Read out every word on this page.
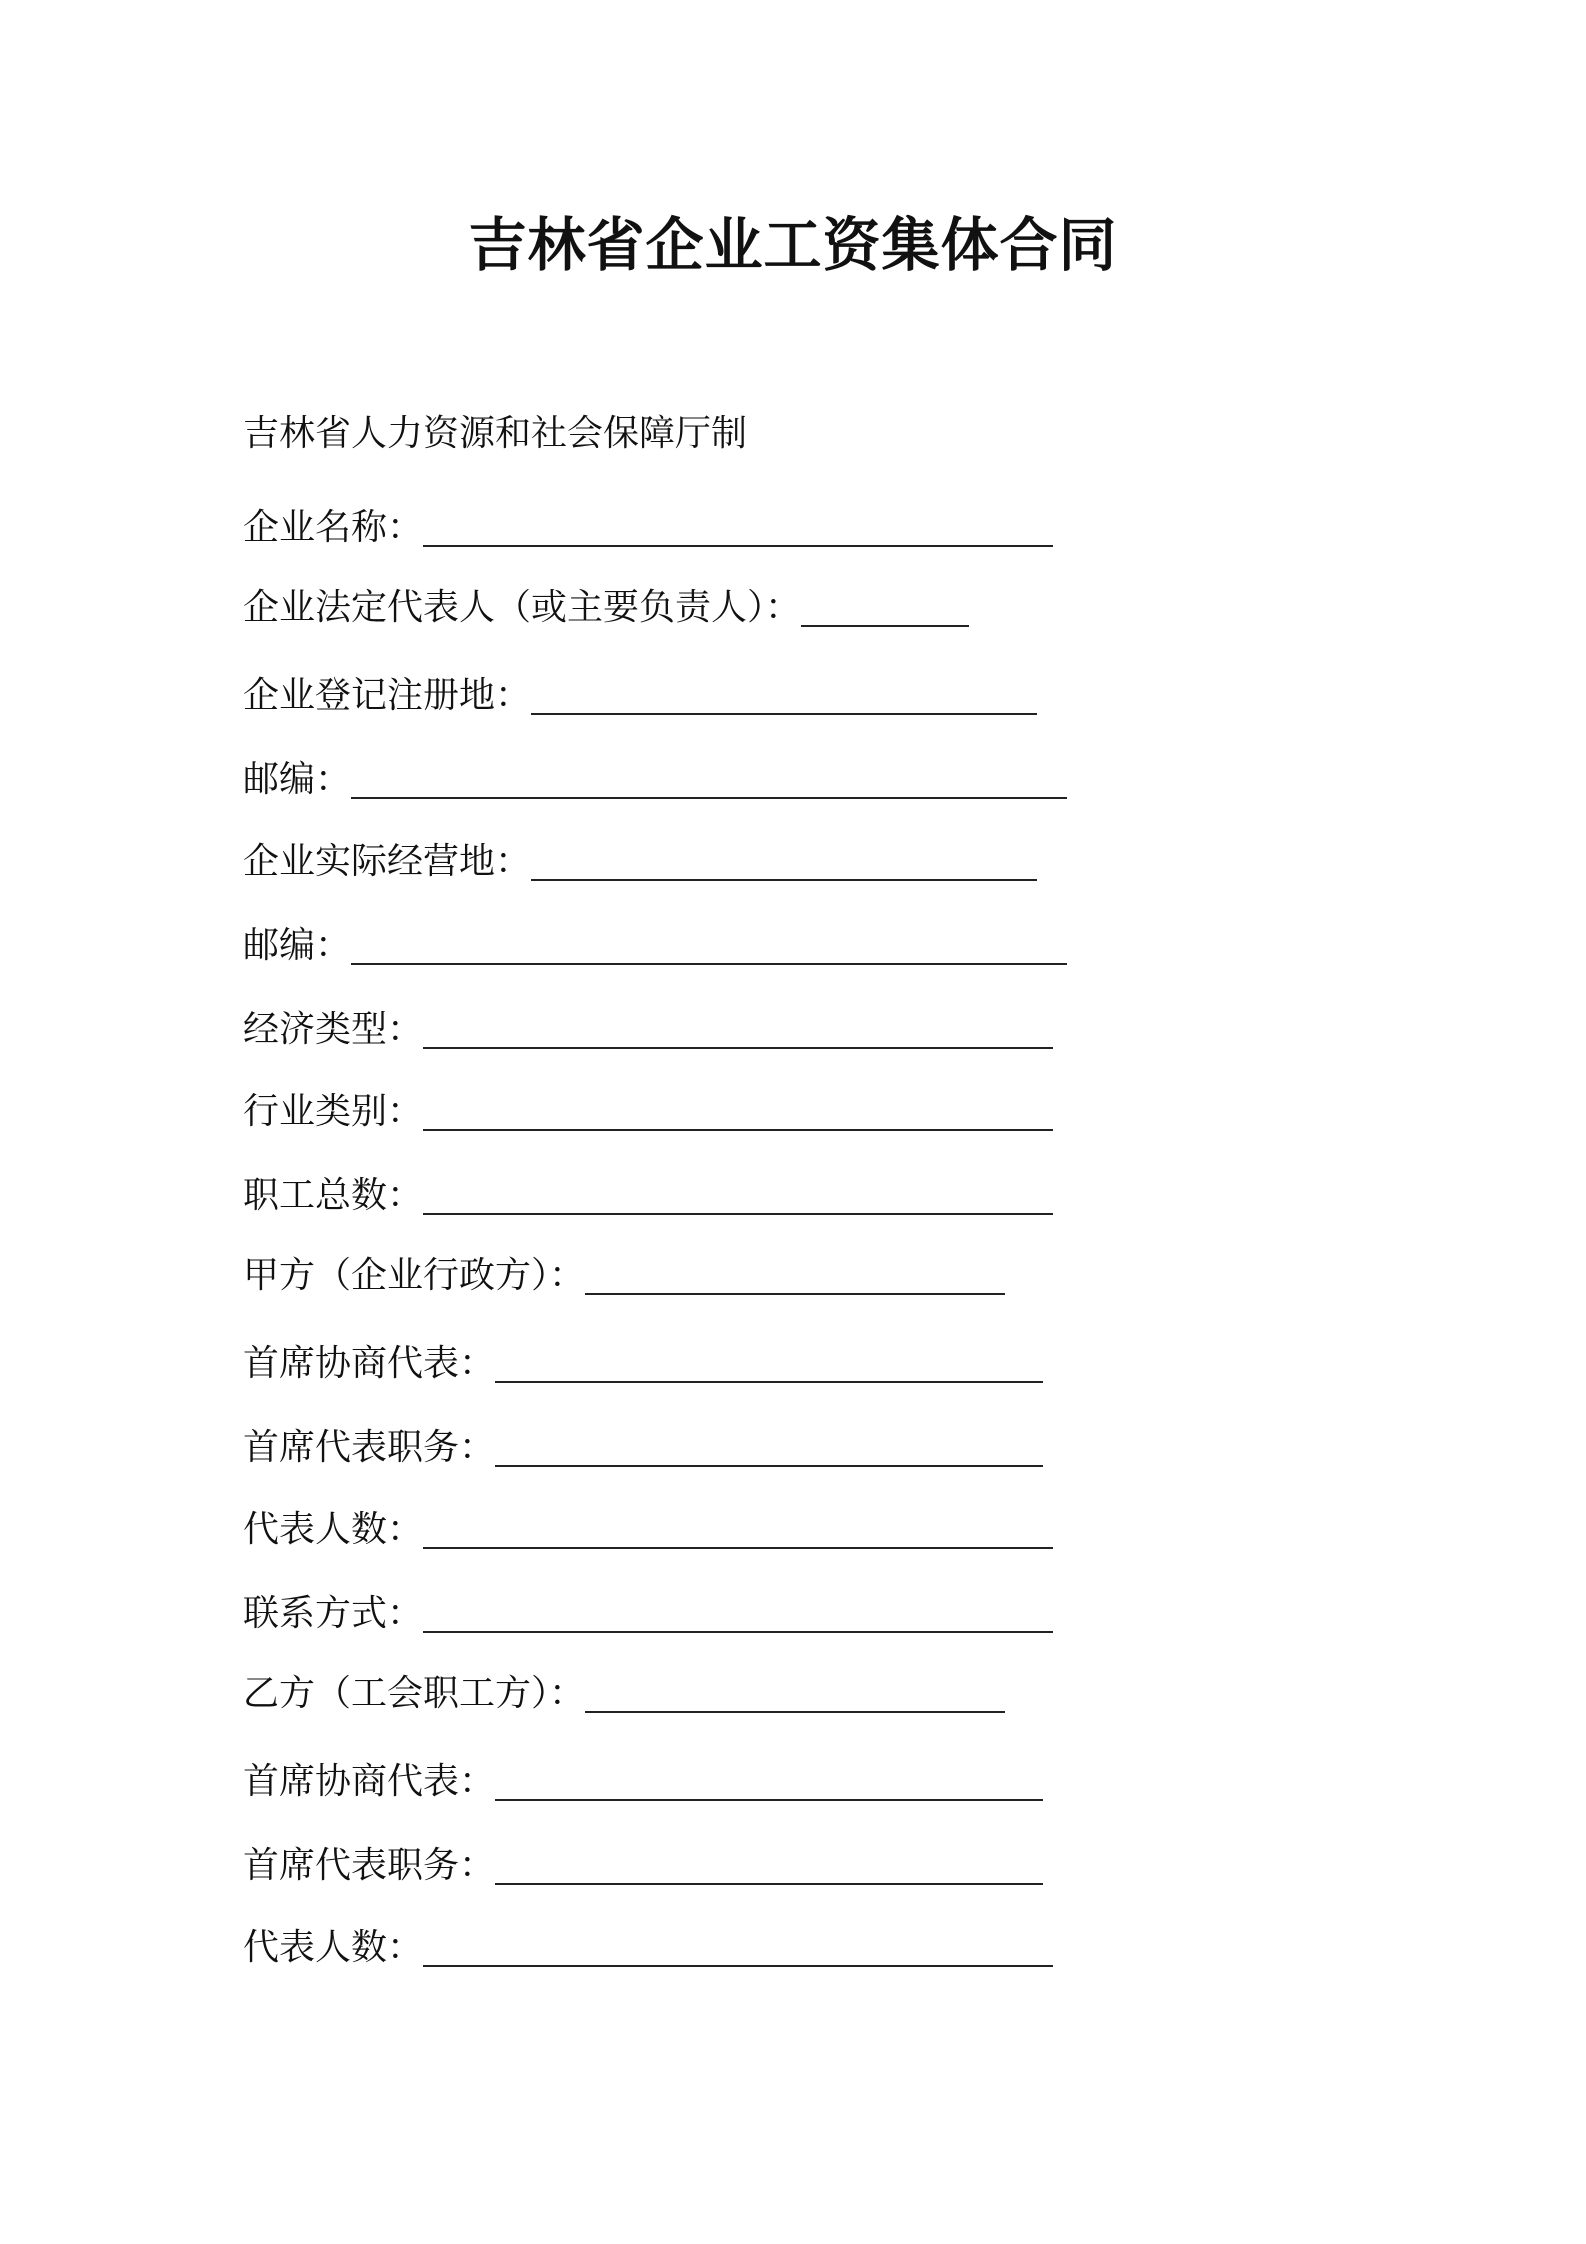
吉林省企业工资集体合同

吉林省人力资源和社会保障厅制

企业名称：
企业法定代表人（或主要负责人）：
企业登记注册地：
邮编：
企业实际经营地：
邮编：
经济类型：
行业类别：
职工总数：
甲方（企业行政方）：
首席协商代表：
首席代表职务：
代表人数：
联系方式：
乙方（工会职工方）：
首席协商代表：
首席代表职务：
代表人数：
